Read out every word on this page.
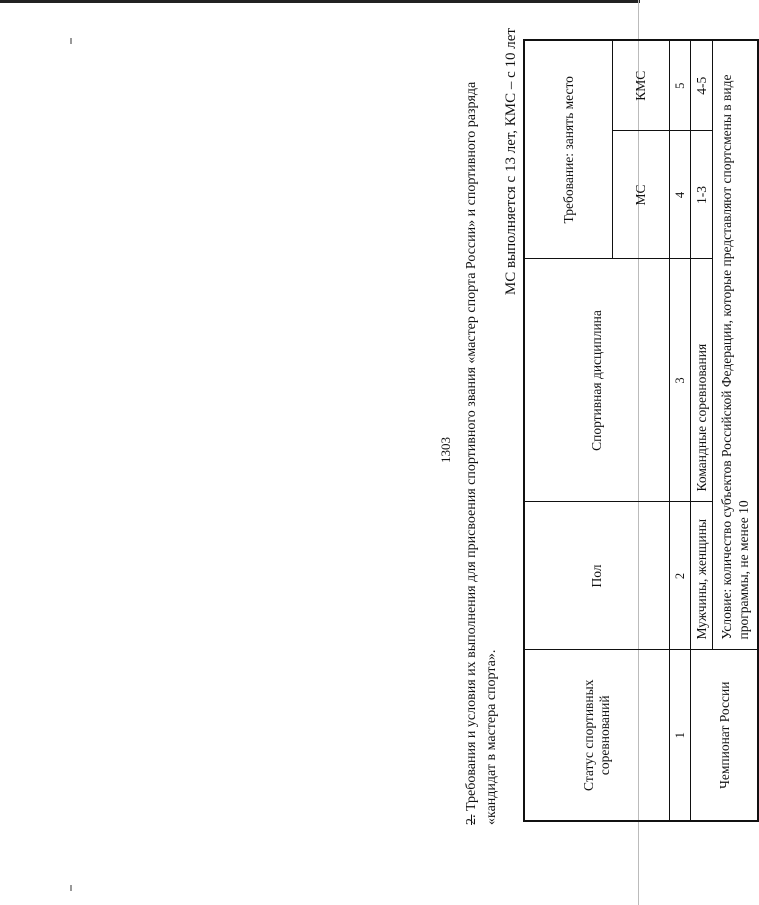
1303

2. Требования и условия их выполнения для присвоения спортивного звания «мастер спорта России» и спортивного разряда «кандидат в мастера спорта».

МС выполняется с 13 лет, КМС – с 10 лет
Статус спортивных соревнований	Пол	Спортивная дисциплина	Требование: занять место	
			МС	КМС
1	2	3	4	5
Чемпионат России	Мужчины, женщины	Командные соревнования	1-3	4-5
	Условие: количество субъектов Российской Федерации, которые представляют спортсмены в виде программы, не менее 10			
